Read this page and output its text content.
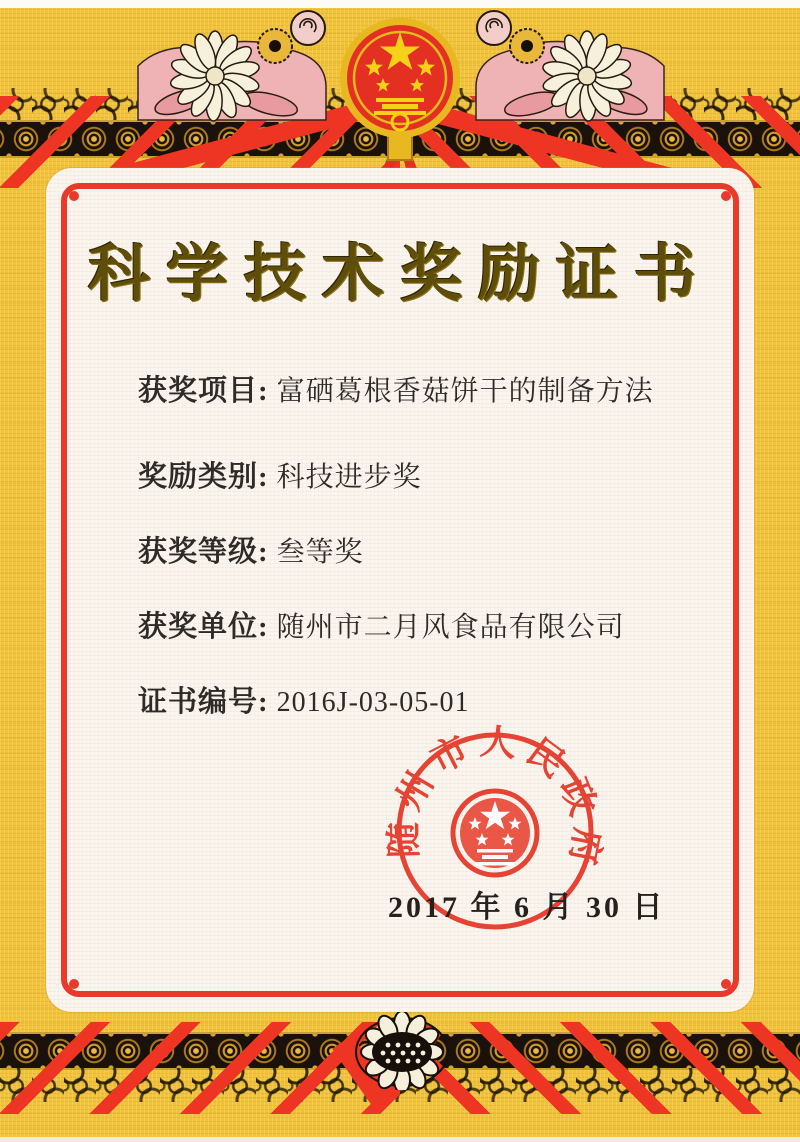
科学技术奖励证书
获奖项目: 富硒葛根香菇饼干的制备方法
奖励类别: 科技进步奖
获奖等级: 叁等奖
获奖单位: 随州市二月风食品有限公司
证书编号: 2016J-03-05-01
随州市人民政府
2017 年 6 月 30 日
